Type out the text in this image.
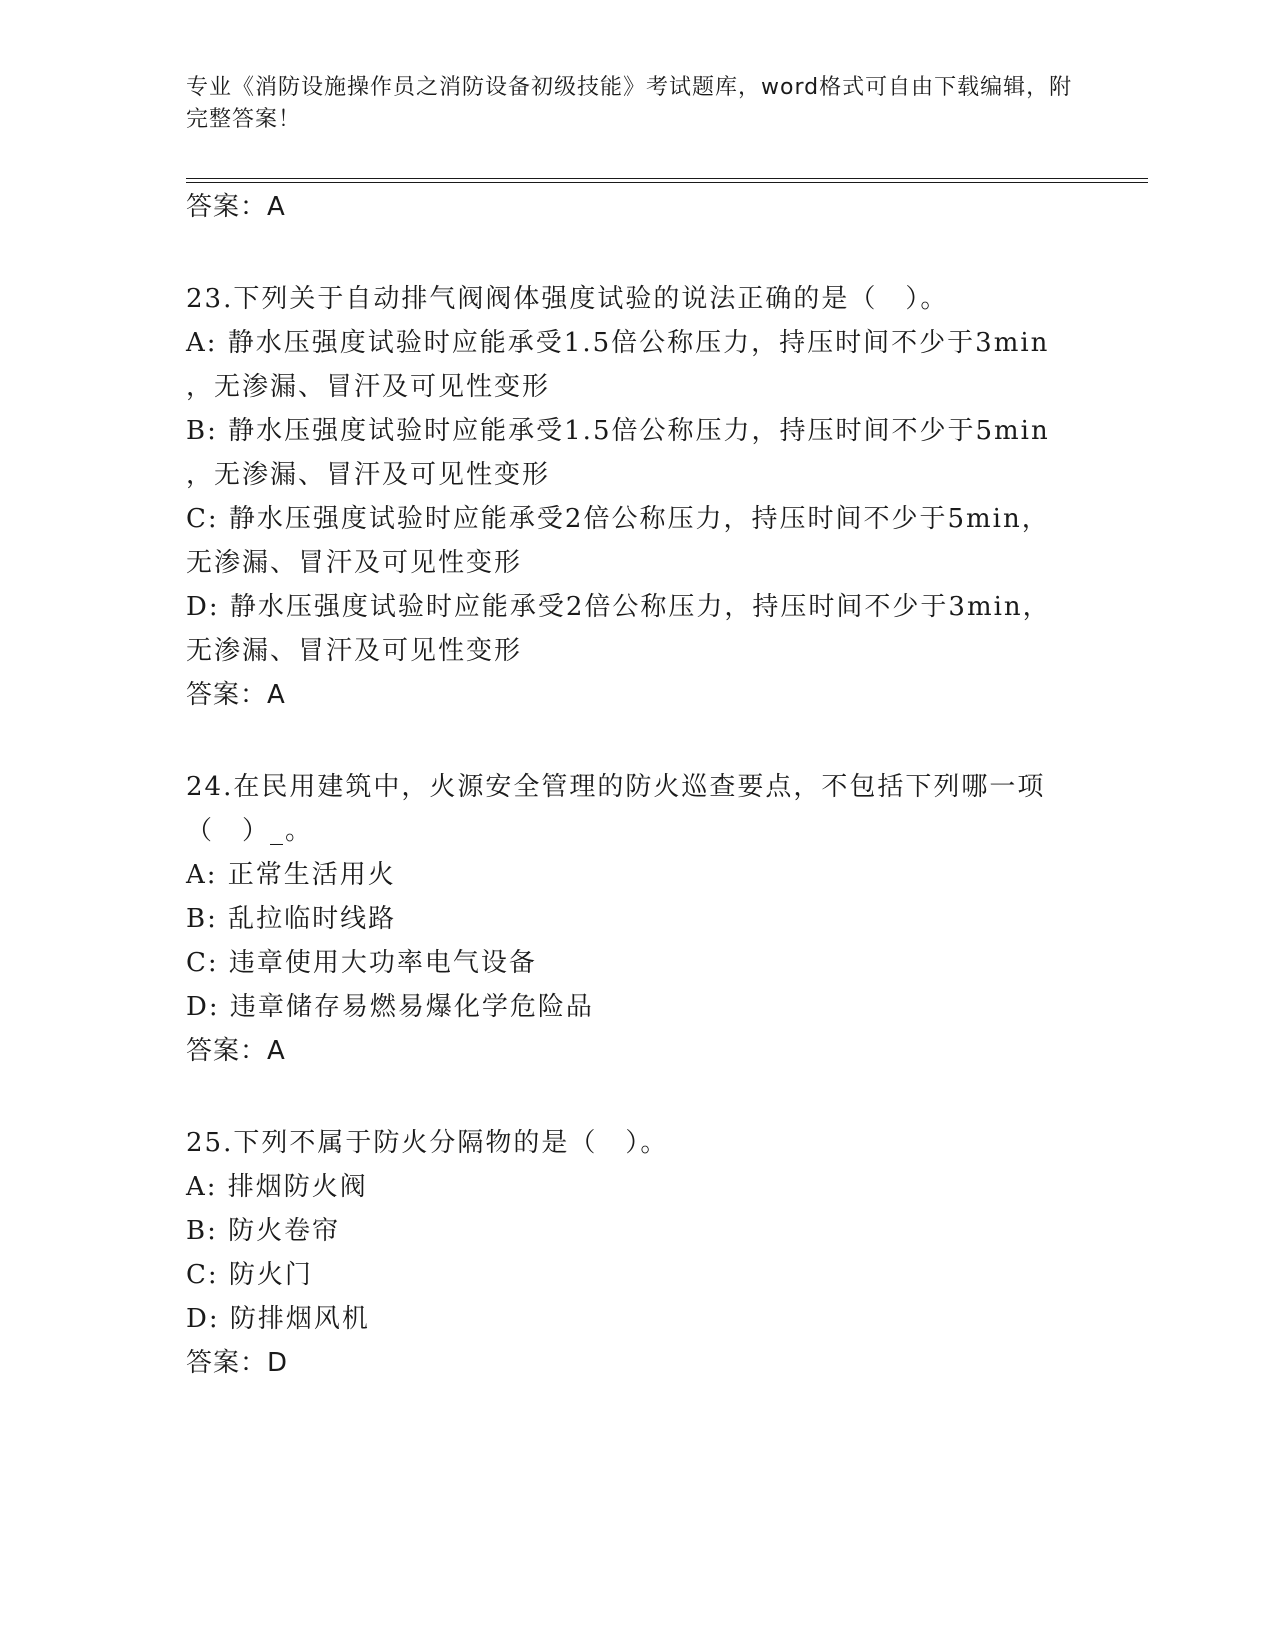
专业《消防设施操作员之消防设备初级技能》考试题库，word格式可自由下载编辑，附完整答案！
答案：A
23.下列关于自动排气阀阀体强度试验的说法正确的是（　）。
A: 静水压强度试验时应能承受1.5倍公称压力，持压时间不少于3min
，无渗漏、冒汗及可见性变形
B: 静水压强度试验时应能承受1.5倍公称压力，持压时间不少于5min
，无渗漏、冒汗及可见性变形
C: 静水压强度试验时应能承受2倍公称压力，持压时间不少于5min，
无渗漏、冒汗及可见性变形
D: 静水压强度试验时应能承受2倍公称压力，持压时间不少于3min，
无渗漏、冒汗及可见性变形
答案：A
24.在民用建筑中，火源安全管理的防火巡查要点，不包括下列哪一项
（　）_。
A: 正常生活用火
B: 乱拉临时线路
C: 违章使用大功率电气设备
D: 违章储存易燃易爆化学危险品
答案：A
25.下列不属于防火分隔物的是（　）。
A: 排烟防火阀
B: 防火卷帘
C: 防火门
D: 防排烟风机
答案：D
